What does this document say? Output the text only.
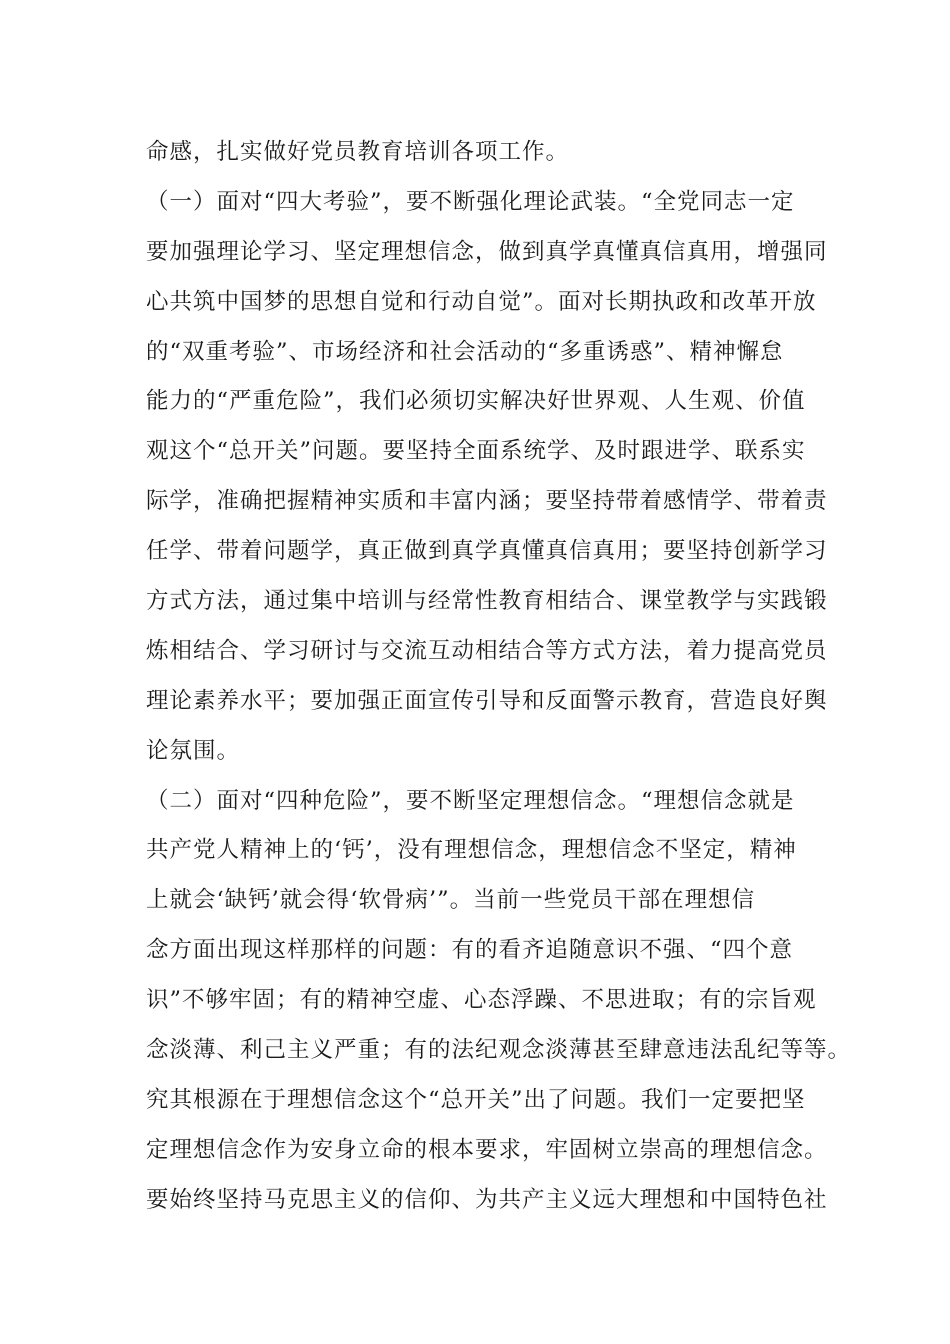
命感，扎实做好党员教育培训各项工作。
（一）面对“四大考验”，要不断强化理论武装。“全党同志一定
要加强理论学习、坚定理想信念，做到真学真懂真信真用，增强同
心共筑中国梦的思想自觉和行动自觉”。面对长期执政和改革开放
的“双重考验”、市场经济和社会活动的“多重诱惑”、精神懈怠
能力的“严重危险”，我们必须切实解决好世界观、人生观、价值
观这个“总开关”问题。要坚持全面系统学、及时跟进学、联系实
际学，准确把握精神实质和丰富内涵；要坚持带着感情学、带着责
任学、带着问题学，真正做到真学真懂真信真用；要坚持创新学习
方式方法，通过集中培训与经常性教育相结合、课堂教学与实践锻
炼相结合、学习研讨与交流互动相结合等方式方法，着力提高党员
理论素养水平；要加强正面宣传引导和反面警示教育，营造良好舆
论氛围。
（二）面对“四种危险”，要不断坚定理想信念。“理想信念就是
共产党人精神上的‘钙’，没有理想信念，理想信念不坚定，精神
上就会‘缺钙’就会得‘软骨病’”。当前一些党员干部在理想信
念方面出现这样那样的问题：有的看齐追随意识不强、“四个意
识”不够牢固；有的精神空虚、心态浮躁、不思进取；有的宗旨观
念淡薄、利己主义严重；有的法纪观念淡薄甚至肆意违法乱纪等等。
究其根源在于理想信念这个“总开关”出了问题。我们一定要把坚
定理想信念作为安身立命的根本要求，牢固树立崇高的理想信念。
要始终坚持马克思主义的信仰、为共产主义远大理想和中国特色社
